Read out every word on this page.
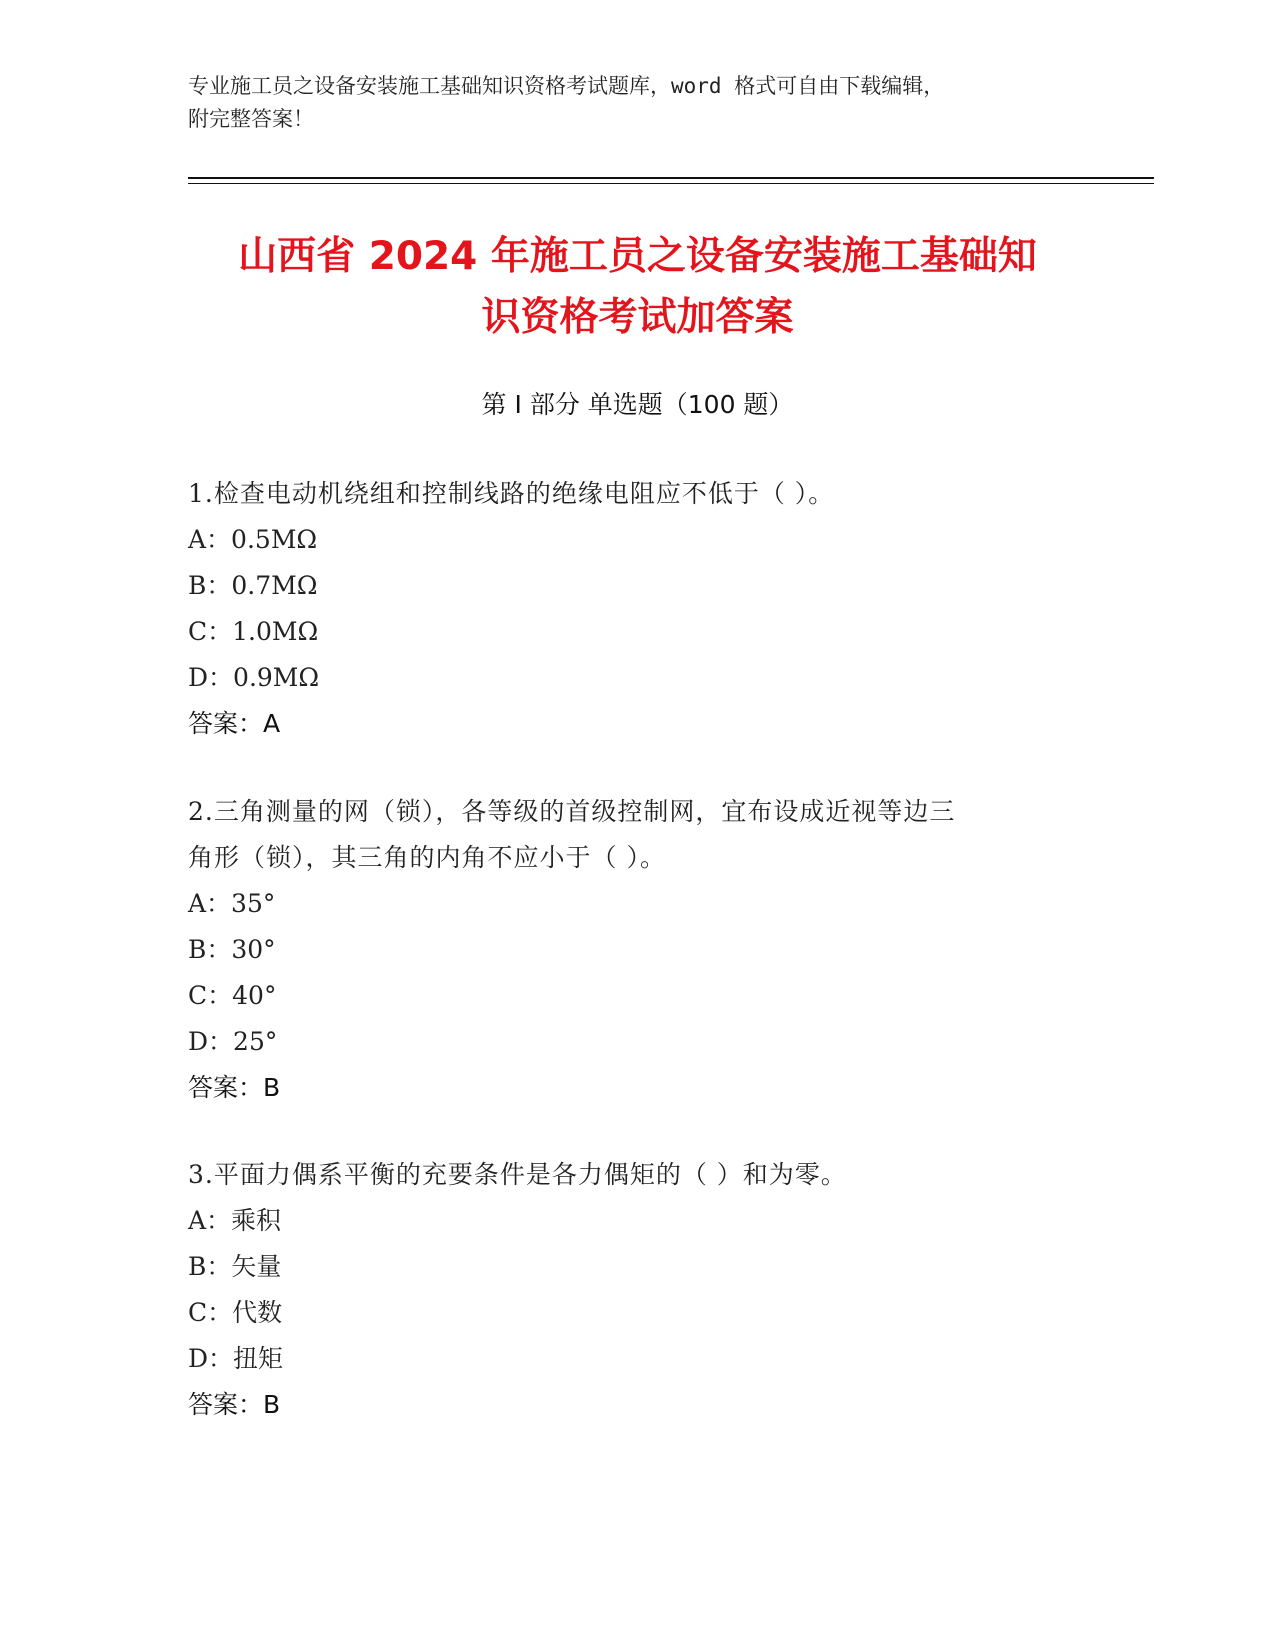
专业施工员之设备安装施工基础知识资格考试题库，word 格式可自由下载编辑，
附完整答案！
山西省 2024 年施工员之设备安装施工基础知
识资格考试加答案
第 I 部分 单选题（100 题）
1.检查电动机绕组和控制线路的绝缘电阻应不低于（ ）。
A：0.5MΩ
B：0.7MΩ
C：1.0MΩ
D：0.9MΩ
答案：A
2.三角测量的网（锁），各等级的首级控制网，宜布设成近视等边三
角形（锁），其三角的内角不应小于（ ）。
A：35°
B：30°
C：40°
D：25°
答案：B
3.平面力偶系平衡的充要条件是各力偶矩的（ ）和为零。
A：乘积
B：矢量
C：代数
D：扭矩
答案：B
